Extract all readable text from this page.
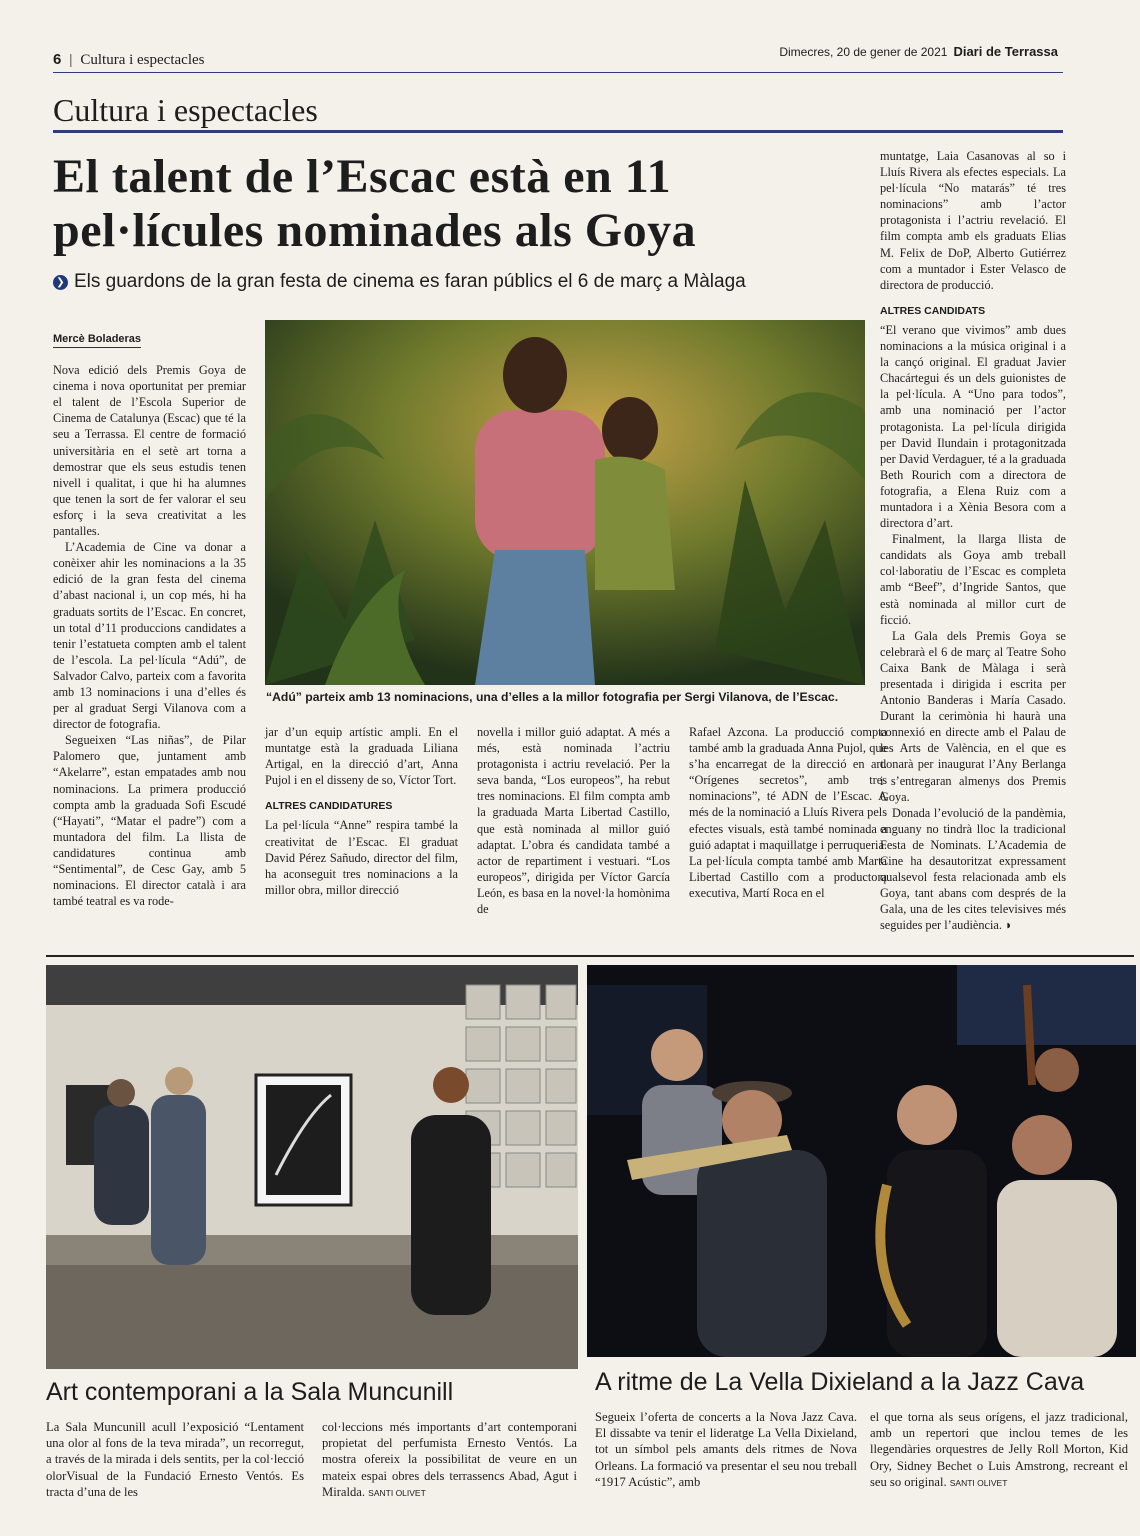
6 | Cultura i espectacles	Dimecres, 20 de gener de 2021 Diari de Terrassa
Cultura i espectacles
El talent de l’Escac està en 11
pel·lícules nominades als Goya
❯ Els guardons de la gran festa de cinema es faran públics el 6 de març a Màlaga
Mercè Boladeras

Nova edició dels Premis Goya de cinema i nova oportunitat per premiar el talent de l’Escola Superior de Cinema de Catalunya (Escac) que té la seu a Terrassa. El centre de formació universitària en el setè art torna a demostrar que els seus estudis tenen nivell i qualitat, i que hi ha alumnes que tenen la sort de fer valorar el seu esforç i la seva creativitat a les pantalles.

L’Academia de Cine va donar a conèixer ahir les nominacions a la 35 edició de la gran festa del cinema d’abast nacional i, un cop més, hi ha graduats sortits de l’Escac. En concret, un total d’11 produccions candidates a tenir l’estatueta compten amb el talent de l’escola. La pel·lícula “Adú”, de Salvador Calvo, parteix com a favorita amb 13 nominacions i una d’elles és per al graduat Sergi Vilanova com a director de fotografia.

Segueixen “Las niñas”, de Pilar Palomero que, juntament amb “Akelarre”, estan empatades amb nou nominacions. La primera producció compta amb la graduada Sofi Escudé (“Hayati”, “Matar el padre”) com a muntadora del film. La llista de candidatures continua amb “Sentimental”, de Cesc Gay, amb 5 nominacions. El director català i ara també teatral es va rode-

“Adú” parteix amb 13 nominacions, una d’elles a la millor fotografia per Sergi Vilanova, de l’Escac.

jar d’un equip artístic ampli. En el muntatge està la graduada Liliana Artigal, en la direcció d’art, Anna Pujol i en el disseny de so, Víctor Tort.

ALTRES CANDIDATURES

La pel·lícula “Anne” respira també la creativitat de l’Escac. El graduat David Pérez Sañudo, director del film, ha aconseguit tres nominacions a la millor obra, millor direcció

novella i millor guió adaptat. A més a més, està nominada l’actriu protagonista i actriu revelació. Per la seva banda, “Los europeos”, ha rebut tres nominacions. El film compta amb la graduada Marta Libertad Castillo, que està nominada al millor guió adaptat. L’obra és candidata també a actor de repartiment i vestuari. “Los europeos”, dirigida per Víctor García León, es basa en la novel·la homònima de

Rafael Azcona. La producció compta també amb la graduada Anna Pujol, que s’ha encarregat de la direcció en art. “Orígenes secretos”, amb tres nominacions”, té ADN de l’Escac. A més de la nominació a Lluís Rivera pels efectes visuals, està també nominada a guió adaptat i maquillatge i perruqueria. La pel·lícula compta també amb Marta Libertad Castillo com a productora executiva, Martí Roca en el

muntatge, Laia Casanovas al so i Lluís Rivera als efectes especials. La pel·lícula “No matarás” té tres nominacions” amb l’actor protagonista i l’actriu revelació. El film compta amb els graduats Elias M. Felix de DoP, Alberto Gutiérrez com a muntador i Ester Velasco de directora de producció.

ALTRES CANDIDATS

“El verano que vivimos” amb dues nominacions a la música original i a la cançó original. El graduat Javier Chacártegui és un dels guionistes de la pel·lícula. A “Uno para todos”, amb una nominació per l’actor protagonista. La pel·lícula dirigida per David Ilundain i protagonitzada per David Verdaguer, té a la graduada Beth Rourich com a directora de fotografia, a Elena Ruiz com a muntadora i a Xènia Besora com a directora d’art.

Finalment, la llarga llista de candidats als Goya amb treball col·laboratiu de l’Escac es completa amb “Beef”, d’Ingride Santos, que està nominada al millor curt de ficció.

La Gala dels Premis Goya se celebrarà el 6 de març al Teatre Soho Caixa Bank de Màlaga i serà presentada i dirigida i escrita per Antonio Banderas i María Casado. Durant la cerimònia hi haurà una connexió en directe amb el Palau de les Arts de València, en el que es donarà per inaugurat l’Any Berlanga i s’entregaran almenys dos Premis Goya.

Donada l’evolució de la pandèmia, enguany no tindrà lloc la tradicional Festa de Nominats. L’Academia de Cine ha desautoritzat expressament qualsevol festa relacionada amb els Goya, tant abans com després de la Gala, una de les cites televisives més seguides per l’audiència. ◗

Art contemporani a la Sala Muncunill

La Sala Muncunill acull l’exposició “Lentament una olor al fons de la teva mirada”, un recorregut, a través de la mirada i dels sentits, per la col·lecció olorVisual de la Fundació Ernesto Ventós. Es tracta d’una de les

col·leccions més importants d’art contemporani propietat del perfumista Ernesto Ventós. La mostra ofereix la possibilitat de veure en un mateix espai obres dels terrassencs Abad, Agut i Miralda. SANTI OLIVET

A ritme de La Vella Dixieland a la Jazz Cava

Segueix l’oferta de concerts a la Nova Jazz Cava. El dissabte va tenir el lideratge La Vella Dixieland, tot un símbol pels amants dels ritmes de Nova Orleans. La formació va presentar el seu nou treball “1917 Acústic”, amb

el que torna als seus orígens, el jazz tradicional, amb un repertori que inclou temes de les llegendàries orquestres de Jelly Roll Morton, Kid Ory, Sidney Bechet o Luis Amstrong, recreant el seu so original. SANTI OLIVET
